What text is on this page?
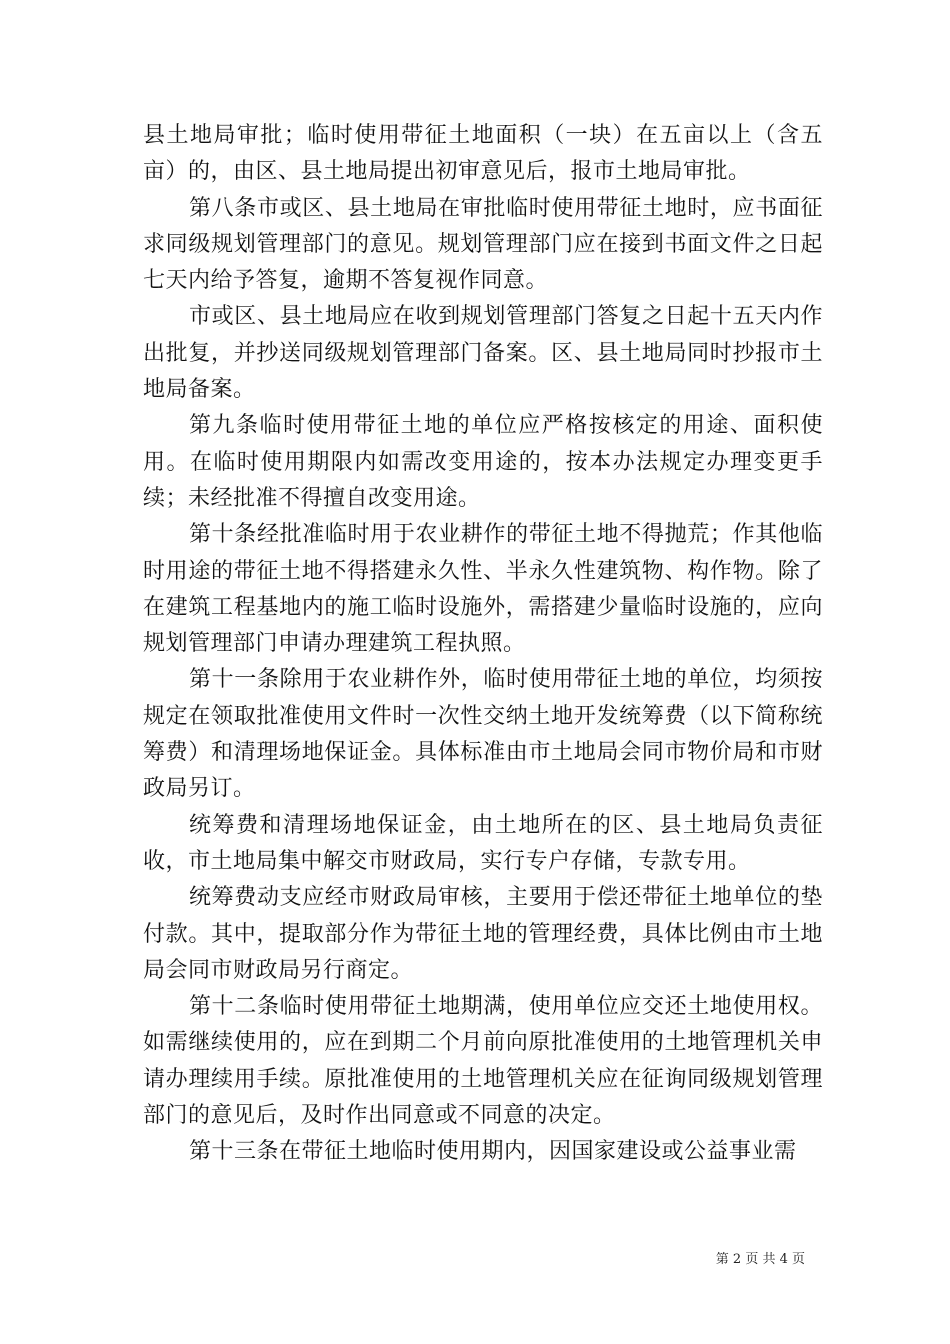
县土地局审批；临时使用带征土地面积（一块）在五亩以上（含五亩）的，由区、县土地局提出初审意见后，报市土地局审批。

第八条市或区、县土地局在审批临时使用带征土地时，应书面征求同级规划管理部门的意见。规划管理部门应在接到书面文件之日起七天内给予答复，逾期不答复视作同意。

市或区、县土地局应在收到规划管理部门答复之日起十五天内作出批复，并抄送同级规划管理部门备案。区、县土地局同时抄报市土地局备案。

第九条临时使用带征土地的单位应严格按核定的用途、面积使用。在临时使用期限内如需改变用途的，按本办法规定办理变更手续；未经批准不得擅自改变用途。

第十条经批准临时用于农业耕作的带征土地不得抛荒；作其他临时用途的带征土地不得搭建永久性、半永久性建筑物、构作物。除了在建筑工程基地内的施工临时设施外，需搭建少量临时设施的，应向规划管理部门申请办理建筑工程执照。

第十一条除用于农业耕作外，临时使用带征土地的单位，均须按规定在领取批准使用文件时一次性交纳土地开发统筹费（以下简称统筹费）和清理场地保证金。具体标准由市土地局会同市物价局和市财政局另订。

统筹费和清理场地保证金，由土地所在的区、县土地局负责征收，市土地局集中解交市财政局，实行专户存储，专款专用。

统筹费动支应经市财政局审核，主要用于偿还带征土地单位的垫付款。其中，提取部分作为带征土地的管理经费，具体比例由市土地局会同市财政局另行商定。

第十二条临时使用带征土地期满，使用单位应交还土地使用权。如需继续使用的，应在到期二个月前向原批准使用的土地管理机关申请办理续用手续。原批准使用的土地管理机关应在征询同级规划管理部门的意见后，及时作出同意或不同意的决定。

第十三条在带征土地临时使用期内，因国家建设或公益事业需

第 2 页 共 4 页
